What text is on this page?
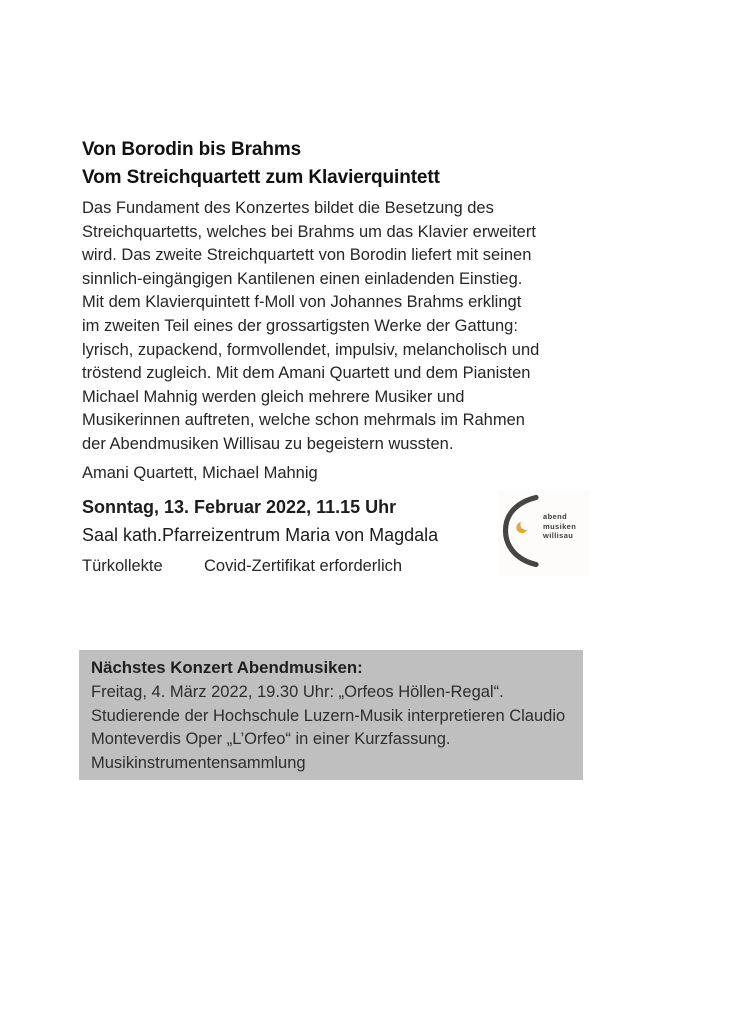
Von Borodin bis Brahms
Vom Streichquartett zum Klavierquintett
Das Fundament des Konzertes bildet die Besetzung des
Streichquartetts, welches bei Brahms um das Klavier erweitert
wird. Das zweite Streichquartett von Borodin liefert mit seinen
sinnlich-eingängigen Kantilenen einen einladenden Einstieg.
Mit dem Klavierquintett f-Moll von Johannes Brahms erklingt
im zweiten Teil eines der grossartigsten Werke der Gattung:
lyrisch, zupackend, formvollendet, impulsiv, melancholisch und
tröstend zugleich. Mit dem Amani Quartett und dem Pianisten
Michael Mahnig werden gleich mehrere Musiker und
Musikerinnen auftreten, welche schon mehrmals im Rahmen
der Abendmusiken Willisau zu begeistern wussten.
Amani Quartett, Michael Mahnig
Sonntag, 13. Februar 2022, 11.15 Uhr
Saal kath.Pfarreizentrum Maria von Magdala
Türkollekte	Covid-Zertifikat erforderlich
abend
musiken
willisau
Nächstes Konzert Abendmusiken:
Freitag, 4. März 2022, 19.30 Uhr: „Orfeos Höllen-Regal“.
Studierende der Hochschule Luzern-Musik interpretieren Claudio
Monteverdis Oper „L’Orfeo“ in einer Kurzfassung.
Musikinstrumentensammlung
